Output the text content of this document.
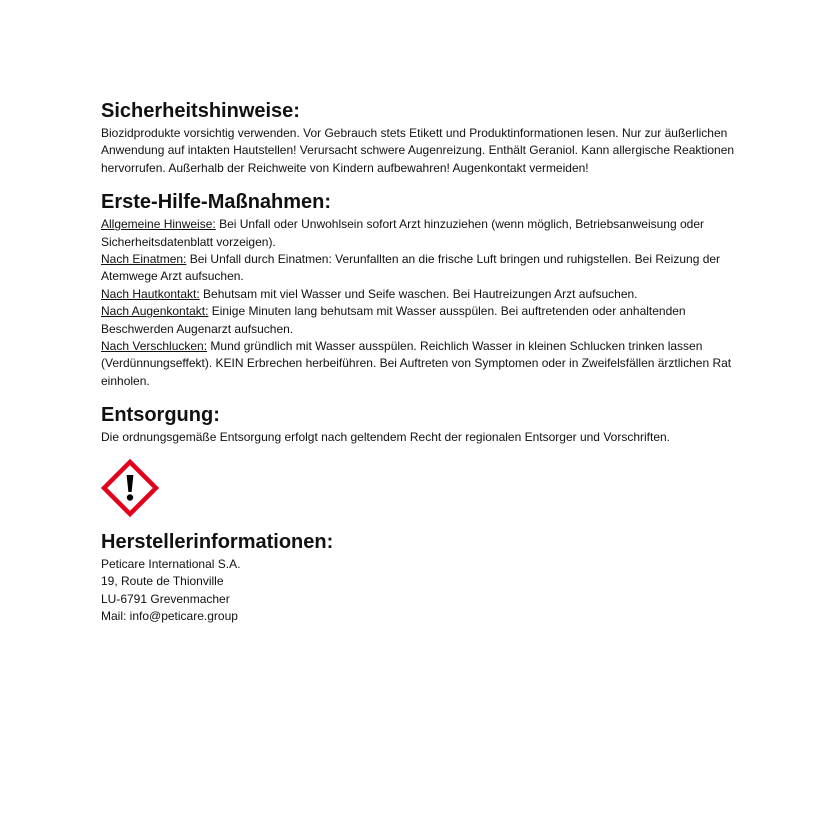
Sicherheitshinweise:

Biozidprodukte vorsichtig verwenden. Vor Gebrauch stets Etikett und Produktinformationen lesen. Nur zur äußerlichen Anwendung auf intakten Hautstellen! Verursacht schwere Augenreizung. Enthält Geraniol. Kann allergische Reaktionen hervorrufen. Außerhalb der Reichweite von Kindern aufbewahren! Augenkontakt vermeiden!

Erste-Hilfe-Maßnahmen:

Allgemeine Hinweise: Bei Unfall oder Unwohlsein sofort Arzt hinzuziehen (wenn möglich, Betriebsanweisung oder Sicherheitsdatenblatt vorzeigen).

Nach Einatmen: Bei Unfall durch Einatmen: Verunfallten an die frische Luft bringen und ruhigstellen. Bei Reizung der Atemwege Arzt aufsuchen.

Nach Hautkontakt: Behutsam mit viel Wasser und Seife waschen. Bei Hautreizungen Arzt aufsuchen.

Nach Augenkontakt: Einige Minuten lang behutsam mit Wasser ausspülen. Bei auftretenden oder anhaltenden Beschwerden Augenarzt aufsuchen.

Nach Verschlucken: Mund gründlich mit Wasser ausspülen. Reichlich Wasser in kleinen Schlucken trinken lassen (Verdünnungseffekt). KEIN Erbrechen herbeiführen. Bei Auftreten von Symptomen oder in Zweifelsfällen ärztlichen Rat einholen.

Entsorgung:

Die ordnungsgemäße Entsorgung erfolgt nach geltendem Recht der regionalen Entsorger und Vorschriften.

Herstellerinformationen:
Peticare International S.A.
19, Route de Thionville
LU-6791 Grevenmacher
Mail: info@peticare.group
